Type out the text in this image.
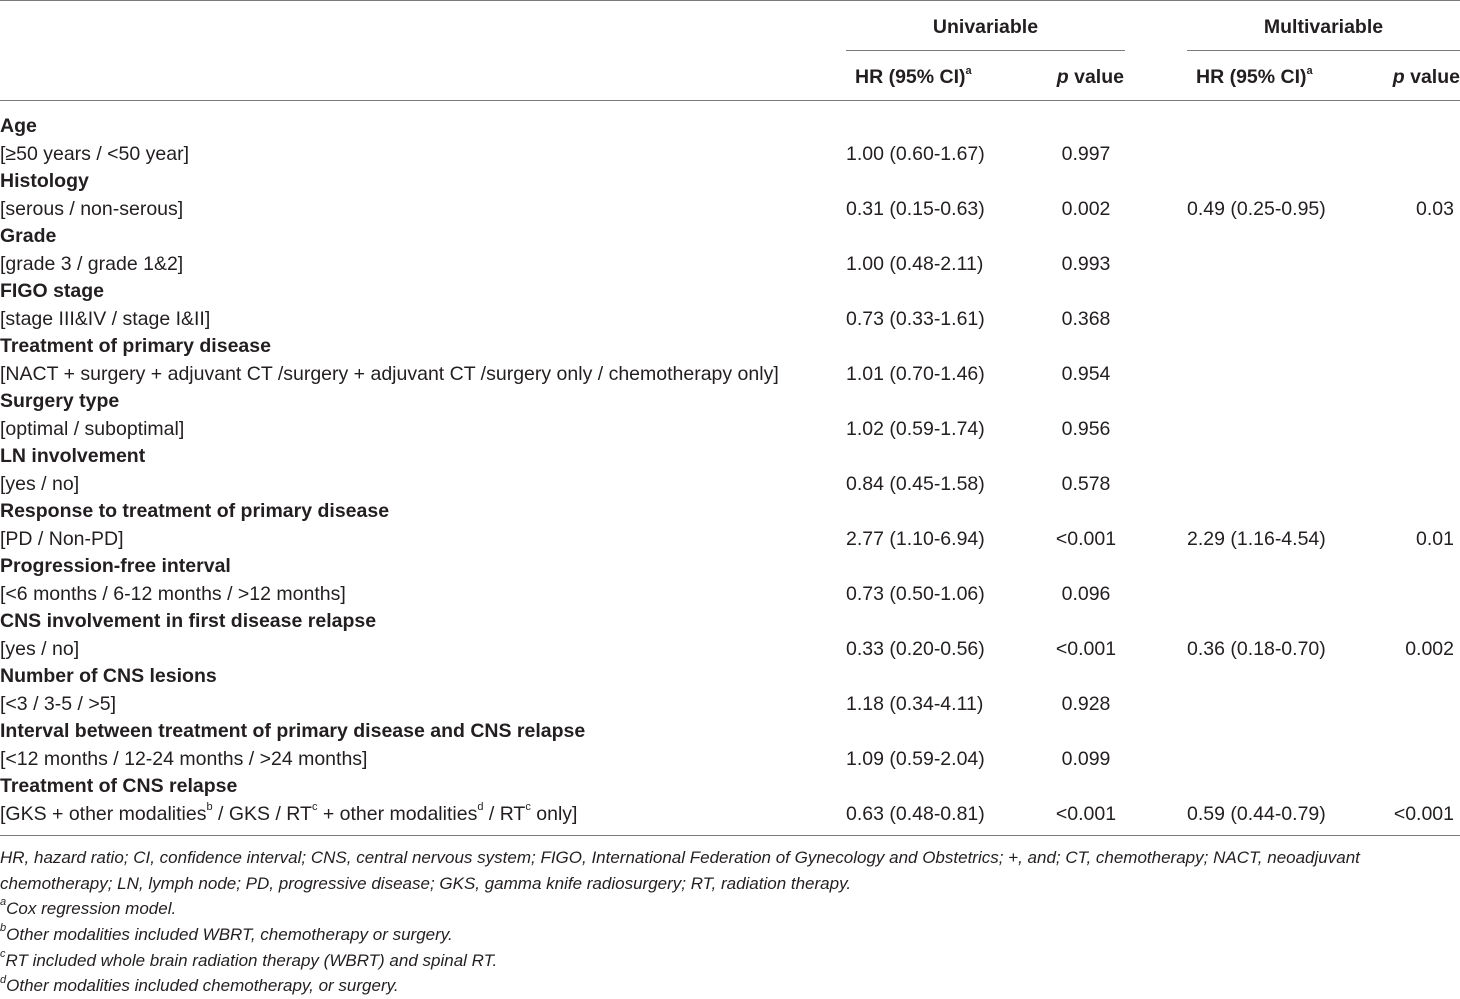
Univariable	Multivariable
HR (95% CI)$^a$	p value	HR (95% CI)$^a$	p value
Age
[≥50 years / <50 year]	1.00 (0.60-1.67)	0.997
Histology
[serous / non-serous]	0.31 (0.15-0.63)	0.002	0.49 (0.25-0.95)	0.03
Grade
[grade 3 / grade 1&2]	1.00 (0.48-2.11)	0.993
FIGO stage
[stage III&IV / stage I&II]	0.73 (0.33-1.61)	0.368
Treatment of primary disease
[NACT + surgery + adjuvant CT /surgery + adjuvant CT /surgery only / chemotherapy only]	1.01 (0.70-1.46)	0.954
Surgery type
[optimal / suboptimal]	1.02 (0.59-1.74)	0.956
LN involvement
[yes / no]	0.84 (0.45-1.58)	0.578
Response to treatment of primary disease
[PD / Non-PD]	2.77 (1.10-6.94)	<0.001	2.29 (1.16-4.54)	0.01
Progression-free interval
[<6 months / 6-12 months / >12 months]	0.73 (0.50-1.06)	0.096
CNS involvement in first disease relapse
[yes / no]	0.33 (0.20-0.56)	<0.001	0.36 (0.18-0.70)	0.002
Number of CNS lesions
[<3 / 3-5 / >5]	1.18 (0.34-4.11)	0.928
Interval between treatment of primary disease and CNS relapse
[<12 months / 12-24 months / >24 months]	1.09 (0.59-2.04)	0.099
Treatment of CNS relapse
[GKS + other modalities$^b$ / GKS / $RT^c$ + other modalities$^d$ / $RT^c$ only]	0.63 (0.48-0.81)	<0.001	0.59 (0.44-0.79)	<0.001
HR, hazard ratio; CI, confidence interval; CNS, central nervous system; FIGO, International Federation of Gynecology and Obstetrics; +, and; CT, chemotherapy; NACT, neoadjuvant chemotherapy; LN, lymph node; PD, progressive disease; GKS, gamma knife radiosurgery; RT, radiation therapy.
$^a$Cox regression model.
$^b$Other modalities included WBRT, chemotherapy or surgery.
$^c$RT included whole brain radiation therapy (WBRT) and spinal RT.
$^d$Other modalities included chemotherapy, or surgery.
